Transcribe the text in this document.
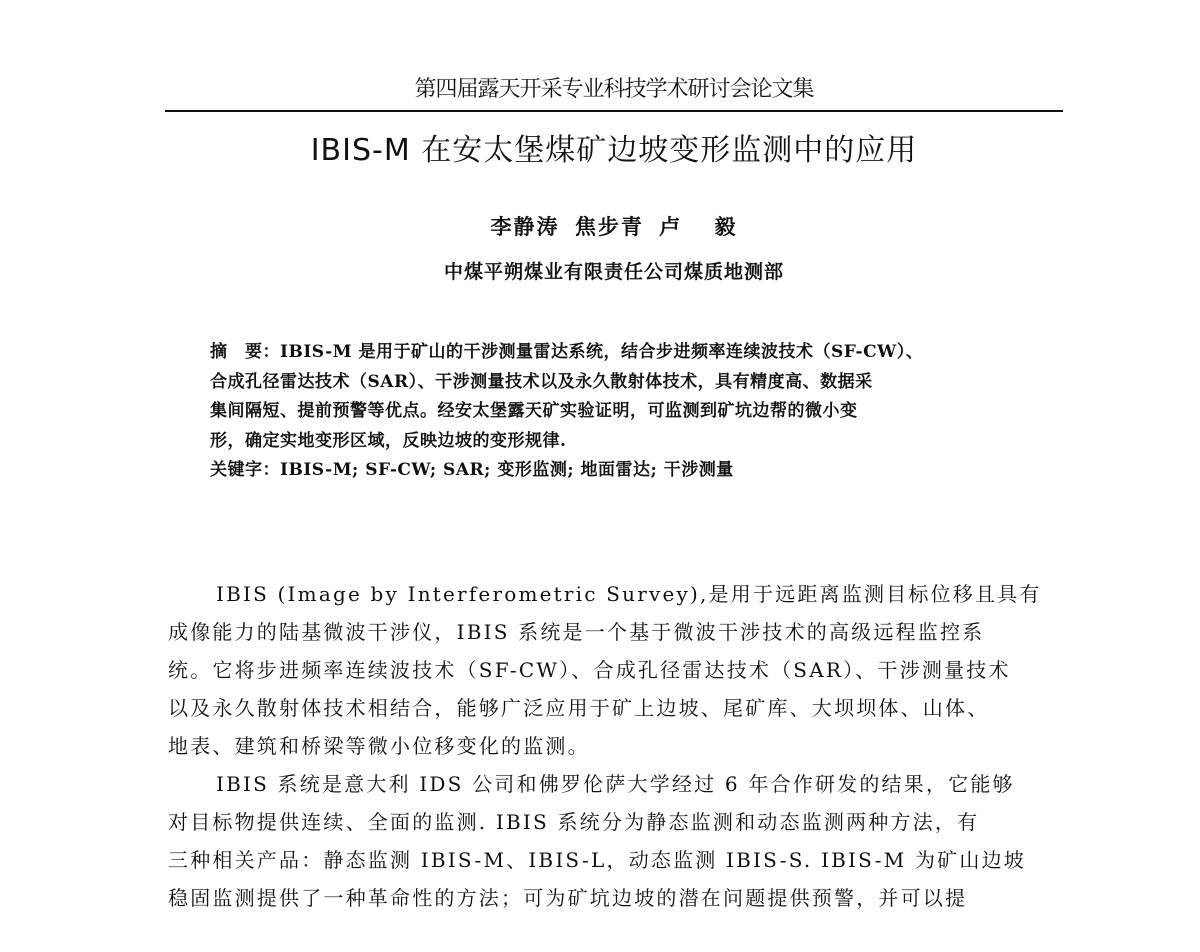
第四届露天开采专业科技学术研讨会论文集
IBIS-M 在安太堡煤矿边坡变形监测中的应用
李静涛 焦步青 卢 毅
中煤平朔煤业有限责任公司煤质地测部
摘　要：IBIS-M 是用于矿山的干涉测量雷达系统，结合步进频率连续波技术（SF-CW）、
合成孔径雷达技术（SAR）、干涉测量技术以及永久散射体技术，具有精度高、数据采
集间隔短、提前预警等优点。经安太堡露天矿实验证明，可监测到矿坑边帮的微小变
形，确定实地变形区域，反映边坡的变形规律.
关键字：IBIS-M; SF-CW; SAR; 变形监测; 地面雷达; 干涉测量
IBIS (Image by Interferometric Survey),是用于远距离监测目标位移且具有
成像能力的陆基微波干涉仪，IBIS 系统是一个基于微波干涉技术的高级远程监控系
统。它将步进频率连续波技术（SF-CW）、合成孔径雷达技术（SAR）、干涉测量技术
以及永久散射体技术相结合，能够广泛应用于矿上边坡、尾矿库、大坝坝体、山体、
地表、建筑和桥梁等微小位移变化的监测。
IBIS 系统是意大利 IDS 公司和佛罗伦萨大学经过 6 年合作研发的结果，它能够
对目标物提供连续、全面的监测. IBIS 系统分为静态监测和动态监测两种方法，有
三种相关产品：静态监测 IBIS-M、IBIS-L，动态监测 IBIS-S. IBIS-M 为矿山边坡
稳固监测提供了一种革命性的方法；可为矿坑边坡的潜在问题提供预警，并可以提
